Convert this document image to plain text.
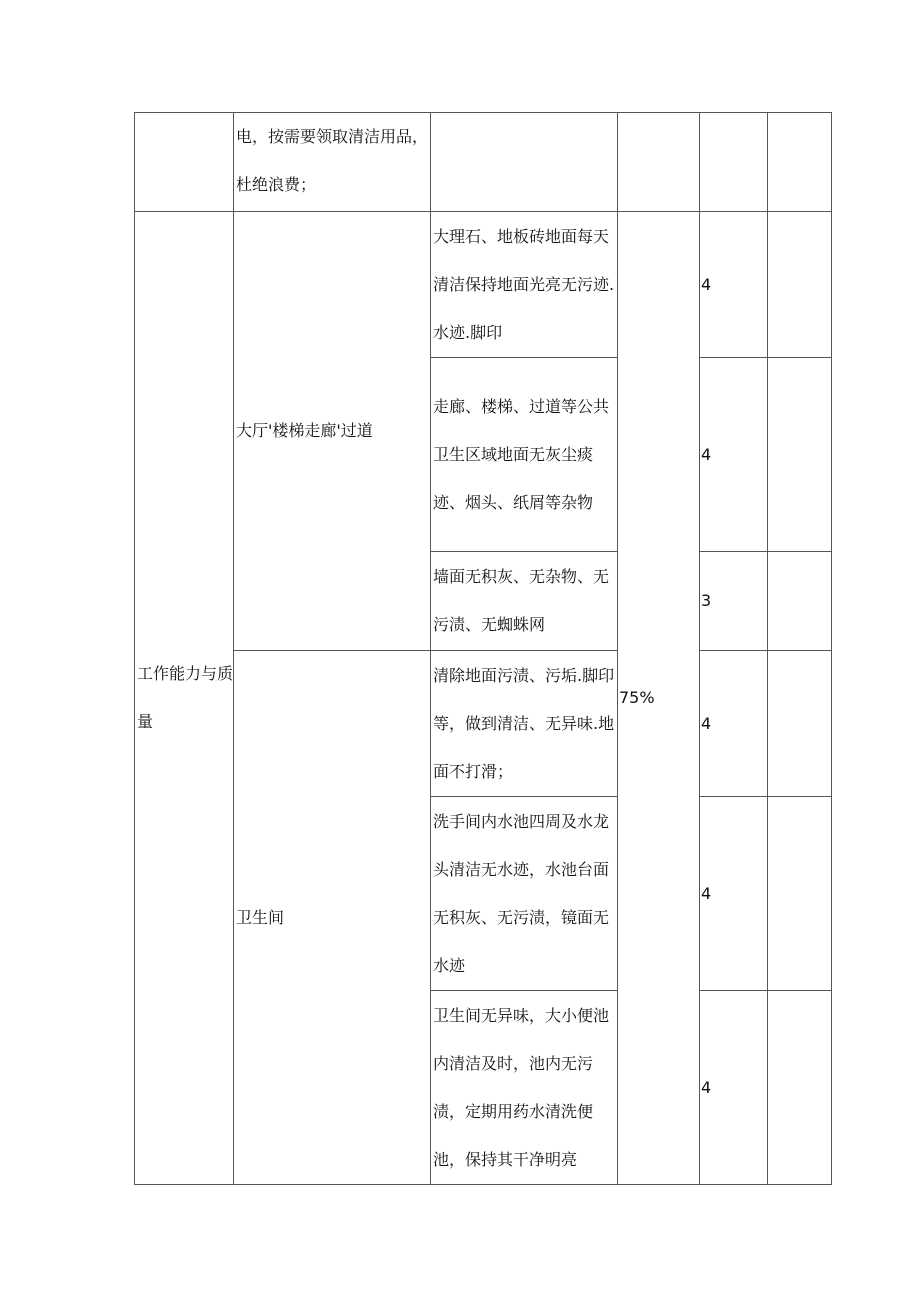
	电，按需要领取清洁用品，杜绝浪费；				

工作能力与质量	大厅'楼梯走廊'过道	大理石、地板砖地面每天清洁保持地面光亮无污迹.水迹.脚印	75%	4	

		走廊、楼梯、过道等公共卫生区域地面无灰尘痰迹、烟头、纸屑等杂物		4	

		墙面无积灰、无杂物、无污渍、无蜘蛛网		3	

	卫生间	清除地面污渍、污垢.脚印等，做到清洁、无异味.地面不打滑；		4	

		洗手间内水池四周及水龙头清洁无水迹，水池台面无积灰、无污渍，镜面无水迹		4	

		卫生间无异味，大小便池内清洁及时，池内无污渍，定期用药水清洗便池，保持其干净明亮		4	
